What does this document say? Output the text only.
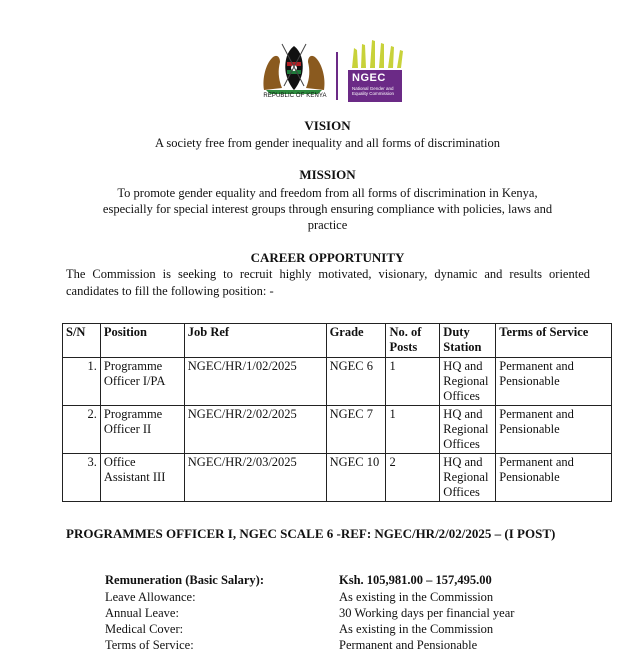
REPUBLIC OF KENYA
NGEC
National Gender and Equality Commission
VISION
A society free from gender inequality and all forms of discrimination
MISSION
To promote gender equality and freedom from all forms of discrimination in Kenya,
especially for special interest groups through ensuring compliance with policies, laws and
practice
CAREER OPPORTUNITY
The Commission is seeking to recruit highly motivated, visionary, dynamic and results oriented candidates to fill the following position: -
S/N	Position	Job Ref	Grade	No. of Posts	Duty Station	Terms of Service
1.	Programme Officer I/PA	NGEC/HR/1/02/2025	NGEC 6	1	HQ and Regional Offices	Permanent and Pensionable
2.	Programme Officer II	NGEC/HR/2/02/2025	NGEC 7	1	HQ and Regional Offices	Permanent and Pensionable
3.	Office Assistant III	NGEC/HR/2/03/2025	NGEC 10	2	HQ and Regional Offices	Permanent and Pensionable
PROGRAMMES OFFICER I, NGEC SCALE 6 -REF: NGEC/HR/2/02/2025 – (I POST)
Remuneration (Basic Salary):	Ksh. 105,981.00 – 157,495.00
Leave Allowance:	As existing in the Commission
Annual Leave:	30 Working days per financial year
Medical Cover:	As existing in the Commission
Terms of Service:	Permanent and Pensionable
